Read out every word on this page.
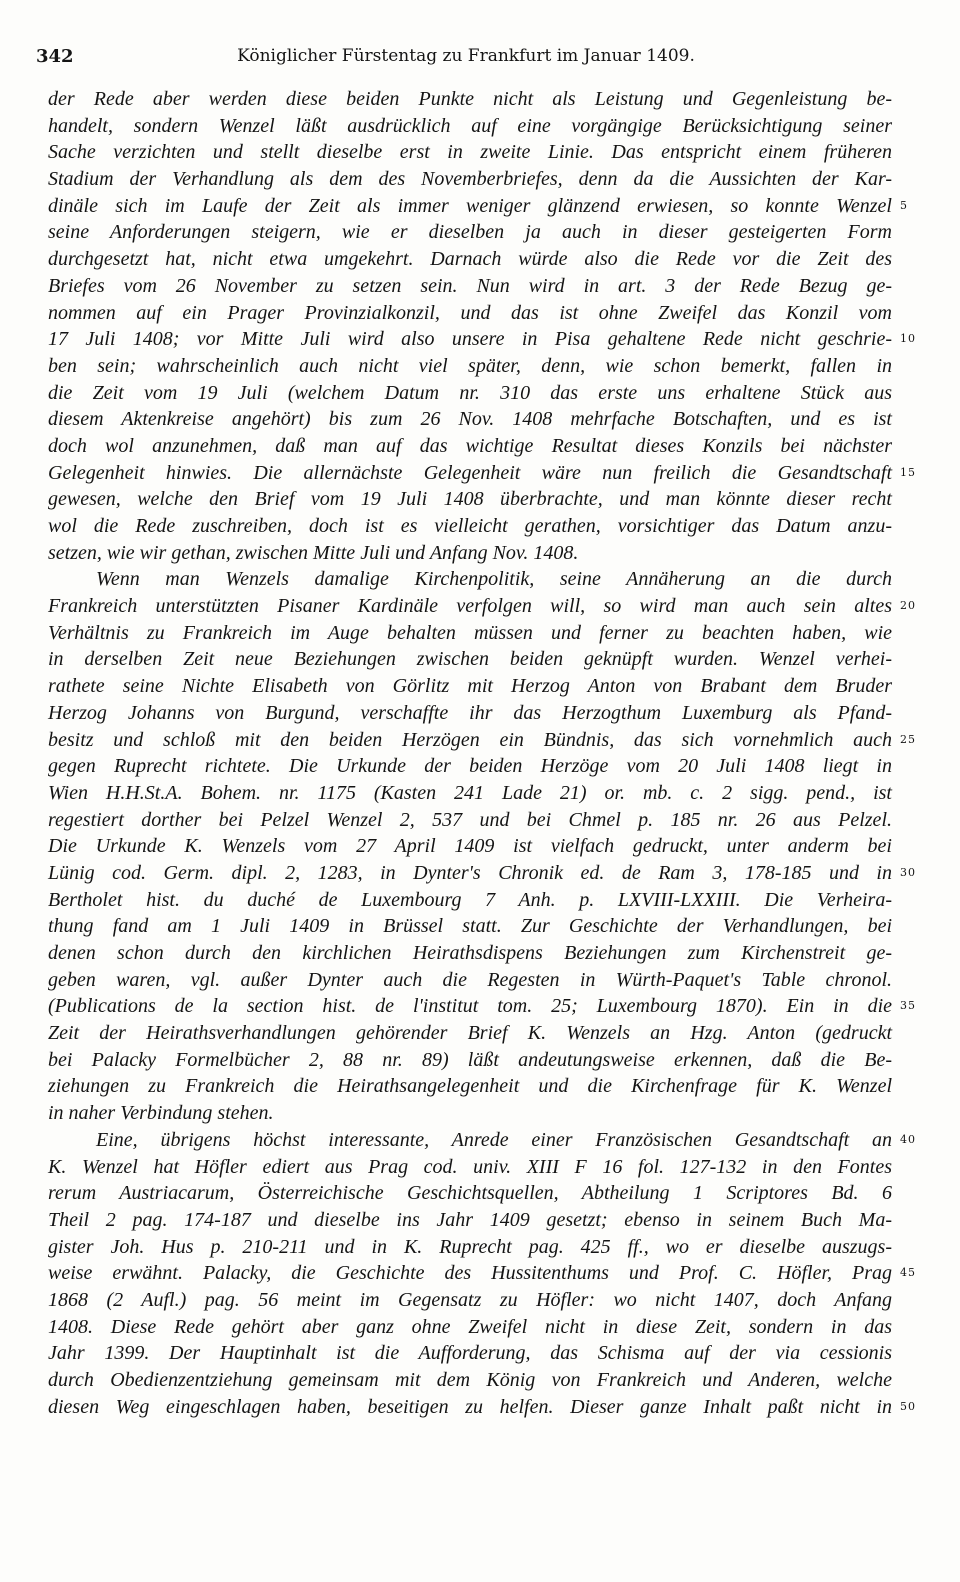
342	Königlicher Fürstentag zu Frankfurt im Januar 1409.
der Rede aber werden diese beiden Punkte nicht als Leistung und Gegenleistung be-
handelt, sondern Wenzel läßt ausdrücklich auf eine vorgängige Berücksichtigung seiner
Sache verzichten und stellt dieselbe erst in zweite Linie. Das entspricht einem früheren
Stadium der Verhandlung als dem des Novemberbriefes, denn da die Aussichten der Kar-
dinäle sich im Laufe der Zeit als immer weniger glänzend erwiesen, so konnte Wenzel 5
seine Anforderungen steigern, wie er dieselben ja auch in dieser gesteigerten Form
durchgesetzt hat, nicht etwa umgekehrt. Darnach würde also die Rede vor die Zeit des
Briefes vom 26 November zu setzen sein. Nun wird in art. 3 der Rede Bezug ge-
nommen auf ein Prager Provinzialkonzil, und das ist ohne Zweifel das Konzil vom
17 Juli 1408; vor Mitte Juli wird also unsere in Pisa gehaltene Rede nicht geschrie- 10
ben sein; wahrscheinlich auch nicht viel später, denn, wie schon bemerkt, fallen in
die Zeit vom 19 Juli (welchem Datum nr. 310 das erste uns erhaltene Stück aus
diesem Aktenkreise angehört) bis zum 26 Nov. 1408 mehrfache Botschaften, und es ist
doch wol anzunehmen, daß man auf das wichtige Resultat dieses Konzils bei nächster
Gelegenheit hinwies. Die allernächste Gelegenheit wäre nun freilich die Gesandtschaft 15
gewesen, welche den Brief vom 19 Juli 1408 überbrachte, und man könnte dieser recht
wol die Rede zuschreiben, doch ist es vielleicht gerathen, vorsichtiger das Datum anzu-
setzen, wie wir gethan, zwischen Mitte Juli und Anfang Nov. 1408.
Wenn man Wenzels damalige Kirchenpolitik, seine Annäherung an die durch
Frankreich unterstützten Pisaner Kardinäle verfolgen will, so wird man auch sein altes 20
Verhältnis zu Frankreich im Auge behalten müssen und ferner zu beachten haben, wie
in derselben Zeit neue Beziehungen zwischen beiden geknüpft wurden. Wenzel verhei-
rathete seine Nichte Elisabeth von Görlitz mit Herzog Anton von Brabant dem Bruder
Herzog Johanns von Burgund, verschaffte ihr das Herzogthum Luxemburg als Pfand-
besitz und schloß mit den beiden Herzögen ein Bündnis, das sich vornehmlich auch 25
gegen Ruprecht richtete. Die Urkunde der beiden Herzöge vom 20 Juli 1408 liegt in
Wien H.H.St.A. Bohem. nr. 1175 (Kasten 241 Lade 21) or. mb. c. 2 sigg. pend., ist
regestiert dorther bei Pelzel Wenzel 2, 537 und bei Chmel p. 185 nr. 26 aus Pelzel.
Die Urkunde K. Wenzels vom 27 April 1409 ist vielfach gedruckt, unter anderm bei
Lünig cod. Germ. dipl. 2, 1283, in Dynter's Chronik ed. de Ram 3, 178-185 und in 30
Bertholet hist. du duché de Luxembourg 7 Anh. p. LXVIII-LXXIII. Die Verheira-
thung fand am 1 Juli 1409 in Brüssel statt. Zur Geschichte der Verhandlungen, bei
denen schon durch den kirchlichen Heirathsdispens Beziehungen zum Kirchenstreit ge-
geben waren, vgl. außer Dynter auch die Regesten in Würth-Paquet's Table chronol.
(Publications de la section hist. de l'institut tom. 25; Luxembourg 1870). Ein in die 35
Zeit der Heirathsverhandlungen gehörender Brief K. Wenzels an Hzg. Anton (gedruckt
bei Palacky Formelbücher 2, 88 nr. 89) läßt andeutungsweise erkennen, daß die Be-
ziehungen zu Frankreich die Heirathsangelegenheit und die Kirchenfrage für K. Wenzel
in naher Verbindung stehen.
Eine, übrigens höchst interessante, Anrede einer Französischen Gesandtschaft an 40
K. Wenzel hat Höfler ediert aus Prag cod. univ. XIII F 16 fol. 127-132 in den Fontes
rerum Austriacarum, Österreichische Geschichtsquellen, Abtheilung 1 Scriptores Bd. 6
Theil 2 pag. 174-187 und dieselbe ins Jahr 1409 gesetzt; ebenso in seinem Buch Ma-
gister Joh. Hus p. 210-211 und in K. Ruprecht pag. 425 ff., wo er dieselbe auszugs-
weise erwähnt. Palacky, die Geschichte des Hussitenthums und Prof. C. Höfler, Prag 45
1868 (2 Aufl.) pag. 56 meint im Gegensatz zu Höfler: wo nicht 1407, doch Anfang
1408. Diese Rede gehört aber ganz ohne Zweifel nicht in diese Zeit, sondern in das
Jahr 1399. Der Hauptinhalt ist die Aufforderung, das Schisma auf der via cessionis
durch Obedienzentziehung gemeinsam mit dem König von Frankreich und Anderen, welche
diesen Weg eingeschlagen haben, beseitigen zu helfen. Dieser ganze Inhalt paßt nicht in 50
